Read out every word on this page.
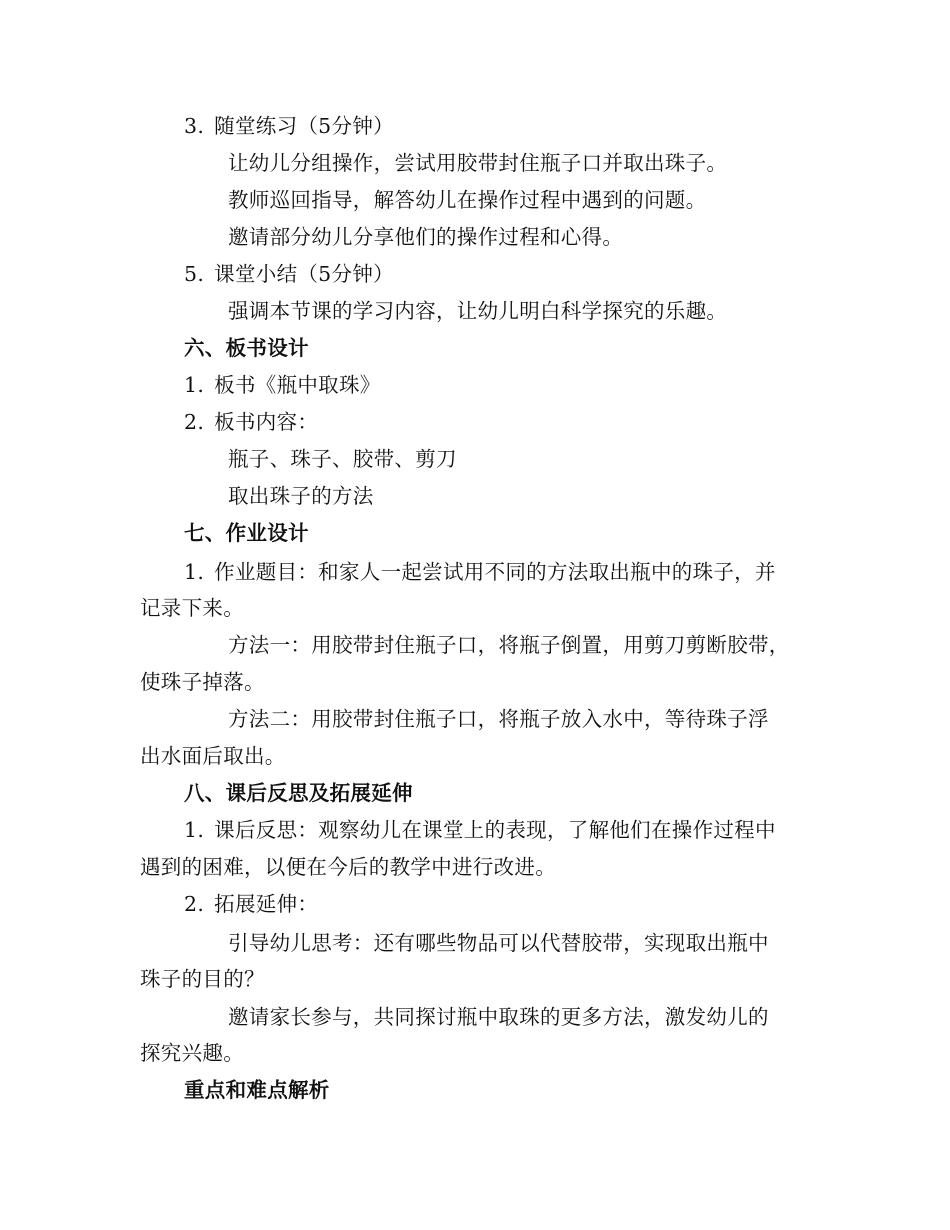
3. 随堂练习（5分钟）
让幼儿分组操作，尝试用胶带封住瓶子口并取出珠子。
教师巡回指导，解答幼儿在操作过程中遇到的问题。
邀请部分幼儿分享他们的操作过程和心得。
5. 课堂小结（5分钟）
强调本节课的学习内容，让幼儿明白科学探究的乐趣。
六、板书设计
1. 板书《瓶中取珠》
2. 板书内容：
瓶子、珠子、胶带、剪刀
取出珠子的方法
七、作业设计
1. 作业题目：和家人一起尝试用不同的方法取出瓶中的珠子，并
记录下来。
方法一：用胶带封住瓶子口，将瓶子倒置，用剪刀剪断胶带，
使珠子掉落。
方法二：用胶带封住瓶子口，将瓶子放入水中，等待珠子浮
出水面后取出。
八、课后反思及拓展延伸
1. 课后反思：观察幼儿在课堂上的表现，了解他们在操作过程中
遇到的困难，以便在今后的教学中进行改进。
2. 拓展延伸：
引导幼儿思考：还有哪些物品可以代替胶带，实现取出瓶中
珠子的目的？
邀请家长参与，共同探讨瓶中取珠的更多方法，激发幼儿的
探究兴趣。
重点和难点解析
